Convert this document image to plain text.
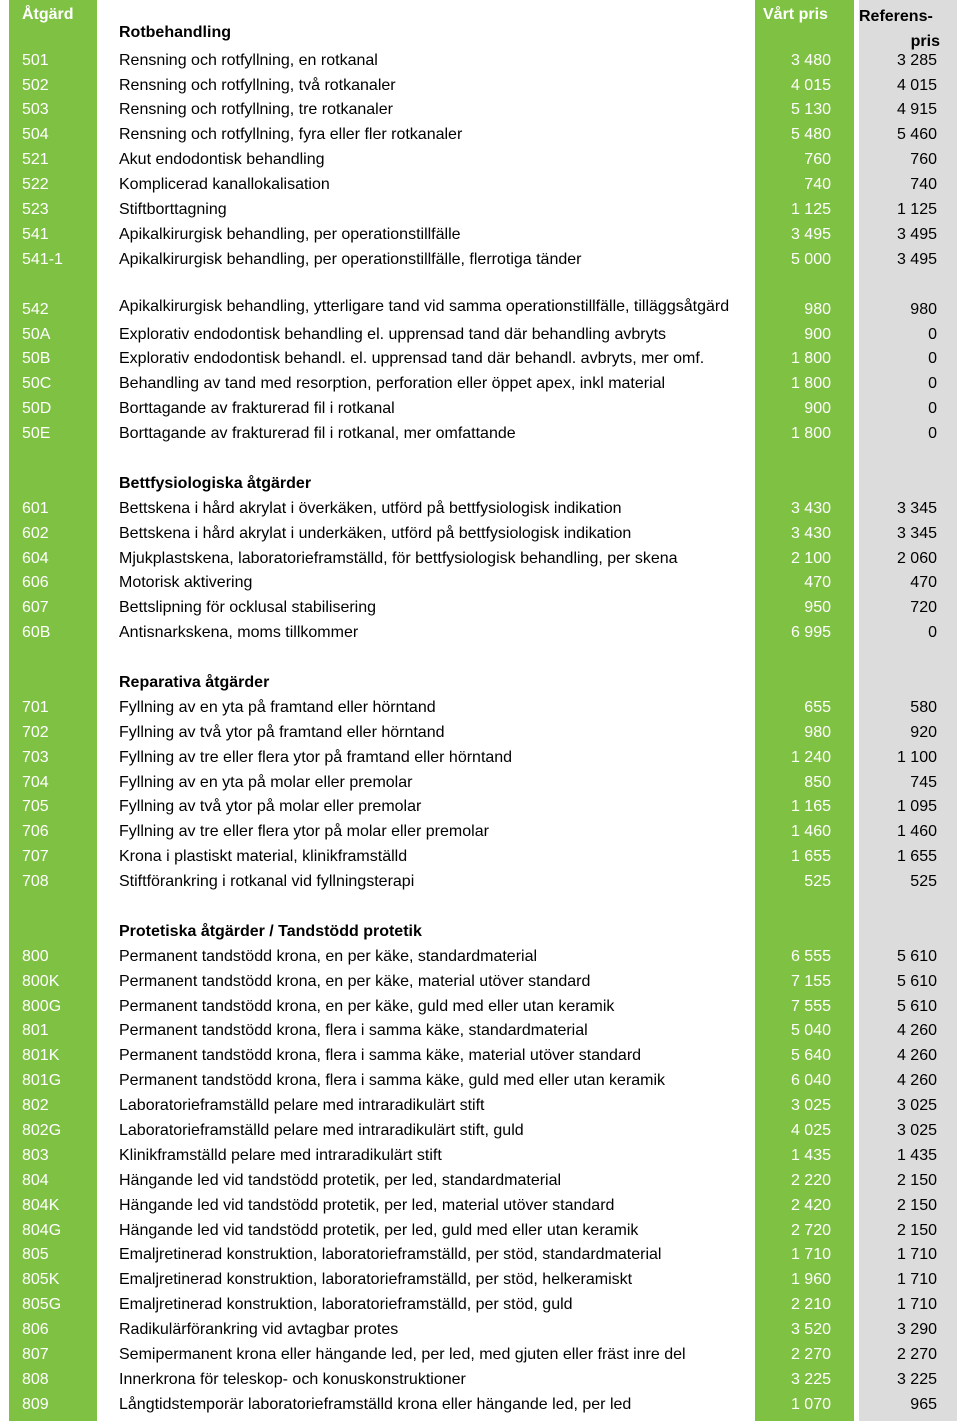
Åtgärd
Rotbehandling
Vårt pris Referens-
pris
501	Rensning och rotfyllning, en rotkanal	3 480	3 285
502	Rensning och rotfyllning, två rotkanaler	4 015	4 015
503	Rensning och rotfyllning, tre rotkanaler	5 130	4 915
504	Rensning och rotfyllning, fyra eller fler rotkanaler	5 480	5 460
521	Akut endodontisk behandling	760	760
522	Komplicerad kanallokalisation	740	740
523	Stiftborttagning	1 125	1 125
541	Apikalkirurgisk behandling, per operationstillfälle	3 495	3 495
541-1	Apikalkirurgisk behandling, per operationstillfälle, flerrotiga tänder	5 000	3 495
542	Apikalkirurgisk behandling, ytterligare tand vid samma operationstillfälle, tilläggsåtgärd	980	980
50A	Explorativ endodontisk behandling el. upprensad tand där behandling avbryts	900	0
50B	Explorativ endodontisk behandl. el. upprensad tand där behandl. avbryts, mer omf.	1 800	0
50C	Behandling av tand med resorption, perforation eller öppet apex, inkl material	1 800	0
50D	Borttagande av frakturerad fil i rotkanal	900	0
50E	Borttagande av frakturerad fil i rotkanal, mer omfattande	1 800	0
Bettfysiologiska åtgärder
601	Bettskena i hård akrylat i överkäken, utförd på bettfysiologisk indikation	3 430	3 345
602	Bettskena i hård akrylat i underkäken, utförd på bettfysiologisk indikation	3 430	3 345
604	Mjukplastskena, laboratorieframställd, för bettfysiologisk behandling, per skena	2 100	2 060
606	Motorisk aktivering	470	470
607	Bettslipning för ocklusal stabilisering	950	720
60B	Antisnarkskena, moms tillkommer	6 995	0
Reparativa åtgärder
701	Fyllning av en yta på framtand eller hörntand	655	580
702	Fyllning av två ytor på framtand eller hörntand	980	920
703	Fyllning av tre eller flera ytor på framtand eller hörntand	1 240	1 100
704	Fyllning av en yta på molar eller premolar	850	745
705	Fyllning av två ytor på molar eller premolar	1 165	1 095
706	Fyllning av tre eller flera ytor på molar eller premolar	1 460	1 460
707	Krona i plastiskt material, klinikframställd	1 655	1 655
708	Stiftförankring i rotkanal vid fyllningsterapi	525	525
Protetiska åtgärder / Tandstödd protetik
800	Permanent tandstödd krona, en per käke, standardmaterial	6 555	5 610
800K	Permanent tandstödd krona, en per käke, material utöver standard	7 155	5 610
800G	Permanent tandstödd krona, en per käke, guld med eller utan keramik	7 555	5 610
801	Permanent tandstödd krona, flera i samma käke, standardmaterial	5 040	4 260
801K	Permanent tandstödd krona, flera i samma käke, material utöver standard	5 640	4 260
801G	Permanent tandstödd krona, flera i samma käke, guld med eller utan keramik	6 040	4 260
802	Laboratorieframställd pelare med intraradikulärt stift	3 025	3 025
802G	Laboratorieframställd pelare med intraradikulärt stift, guld	4 025	3 025
803	Klinikframställd pelare med intraradikulärt stift	1 435	1 435
804	Hängande led vid tandstödd protetik, per led, standardmaterial	2 220	2 150
804K	Hängande led vid tandstödd protetik, per led, material utöver standard	2 420	2 150
804G	Hängande led vid tandstödd protetik, per led, guld med eller utan keramik	2 720	2 150
805	Emaljretinerad konstruktion, laboratorieframställd, per stöd, standardmaterial	1 710	1 710
805K	Emaljretinerad konstruktion, laboratorieframställd, per stöd, helkeramiskt	1 960	1 710
805G	Emaljretinerad konstruktion, laboratorieframställd, per stöd, guld	2 210	1 710
806	Radikulärförankring vid avtagbar protes	3 520	3 290
807	Semipermanent krona eller hängande led, per led, med gjuten eller fräst inre del	2 270	2 270
808	Innerkrona för teleskop- och konuskonstruktioner	3 225	3 225
809	Långtidstemporär laboratorieframställd krona eller hängande led, per led	1 070	965
